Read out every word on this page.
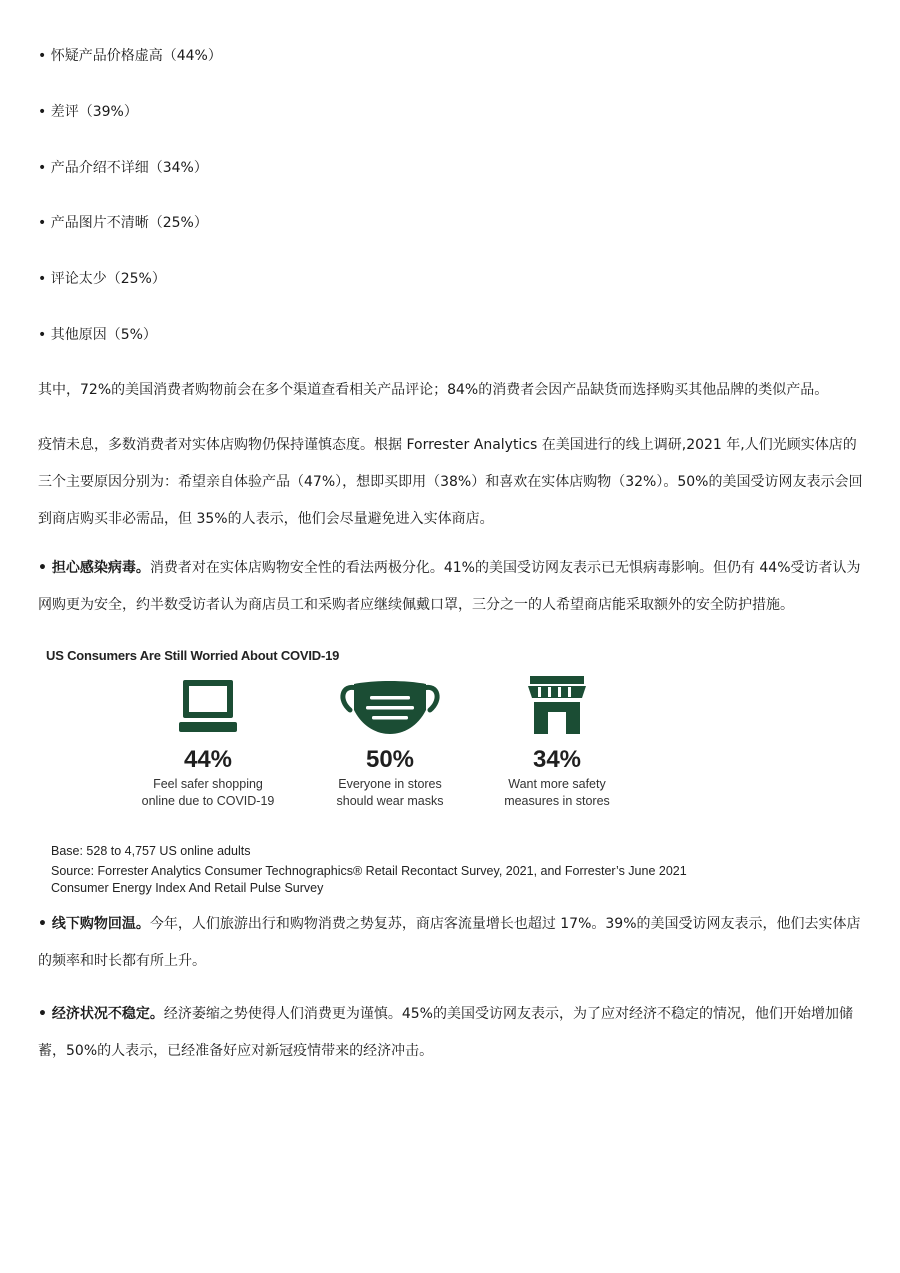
• 怀疑产品价格虚高（44%）
• 差评（39%）
• 产品介绍不详细（34%）
• 产品图片不清晰（25%）
• 评论太少（25%）
• 其他原因（5%）
其中，72%的美国消费者购物前会在多个渠道查看相关产品评论；84%的消费者会因产品缺货而选择购买其他品牌的类似产品。
疫情未息，多数消费者对实体店购物仍保持谨慎态度。根据 Forrester Analytics 在美国进行的线上调研,2021 年,人们光顾实体店的三个主要原因分别为：希望亲自体验产品（47%），想即买即用（38%）和喜欢在实体店购物（32%）。50%的美国受访网友表示会回到商店购买非必需品，但 35%的人表示，他们会尽量避免进入实体商店。
• 担心感染病毒。消费者对在实体店购物安全性的看法两极分化。41%的美国受访网友表示已无惧病毒影响。但仍有 44%受访者认为网购更为安全，约半数受访者认为商店员工和采购者应继续佩戴口罩，三分之一的人希望商店能采取额外的安全防护措施。
US Consumers Are Still Worried About COVID-19
44%
Feel safer shopping
online due to COVID-19
50%
Everyone in stores
should wear masks
34%
Want more safety
measures in stores
Base: 528 to 4,757 US online adults
Source: Forrester Analytics Consumer Technographics® Retail Recontact Survey, 2021, and Forrester’s June 2021 Consumer Energy Index And Retail Pulse Survey
• 线下购物回温。今年，人们旅游出行和购物消费之势复苏，商店客流量增长也超过 17%。39%的美国受访网友表示，他们去实体店的频率和时长都有所上升。
• 经济状况不稳定。经济萎缩之势使得人们消费更为谨慎。45%的美国受访网友表示，为了应对经济不稳定的情况，他们开始增加储蓄，50%的人表示，已经准备好应对新冠疫情带来的经济冲击。
